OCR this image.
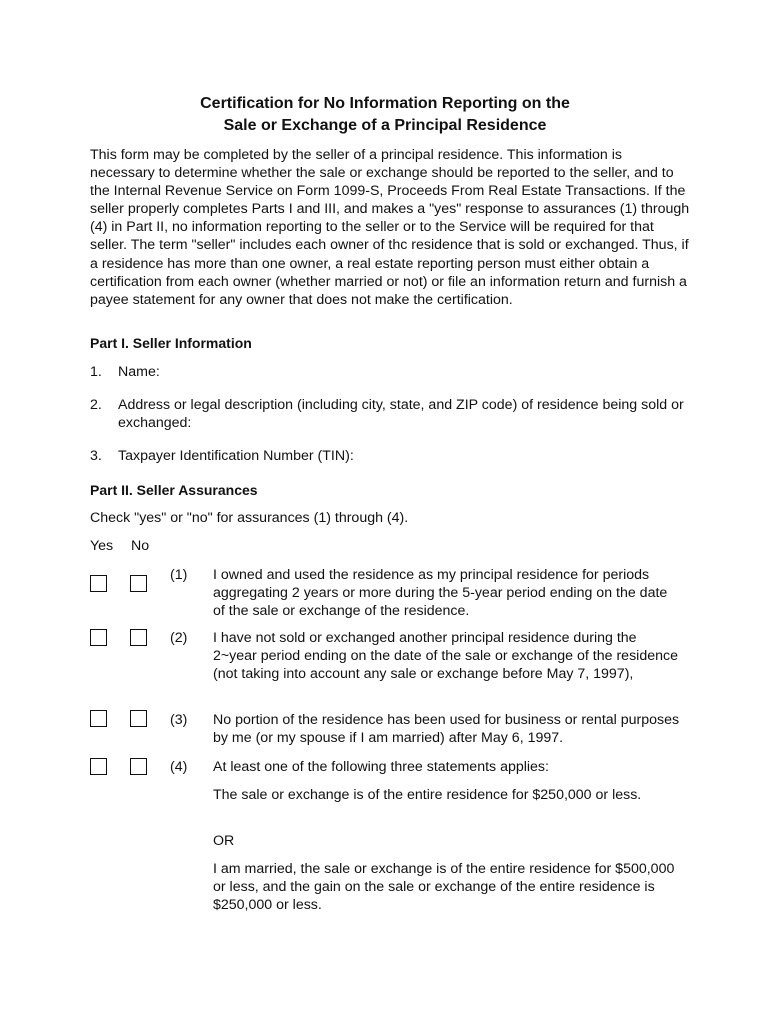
Certification for No Information Reporting on the
Sale or Exchange of a Principal Residence
This form may be completed by the seller of a principal residence. This information is necessary to determine whether the sale or exchange should be reported to the seller, and to the Internal Revenue Service on Form 1099-S, Proceeds From Real Estate Transactions. If the seller properly completes Parts I and III, and makes a "yes" response to assurances (1) through (4) in Part II, no information reporting to the seller or to the Service will be required for that seller. The term "seller" includes each owner of thc residence that is sold or exchanged. Thus, if a residence has more than one owner, a real estate reporting person must either obtain a certification from each owner (whether married or not) or file an information return and furnish a payee statement for any owner that does not make the certification.
Part I. Seller Information
1. Name:
2. Address or legal description (including city, state, and ZIP code) of residence being sold or exchanged:
3. Taxpayer Identification Number (TIN):
Part II. Seller Assurances
Check "yes" or "no" for assurances (1) through (4).
Yes No
(1) I owned and used the residence as my principal residence for periods aggregating 2 years or more during the 5-year period ending on the date of the sale or exchange of the residence.
(2) I have not sold or exchanged another principal residence during the 2~year period ending on the date of the sale or exchange of the residence (not taking into account any sale or exchange before May 7, 1997),
(3) No portion of the residence has been used for business or rental purposes by me (or my spouse if I am married) after May 6, 1997.
(4) At least one of the following three statements applies:
The sale or exchange is of the entire residence for $250,000 or less.
OR
I am married, the sale or exchange is of the entire residence for $500,000 or less, and the gain on the sale or exchange of the entire residence is $250,000 or less.
